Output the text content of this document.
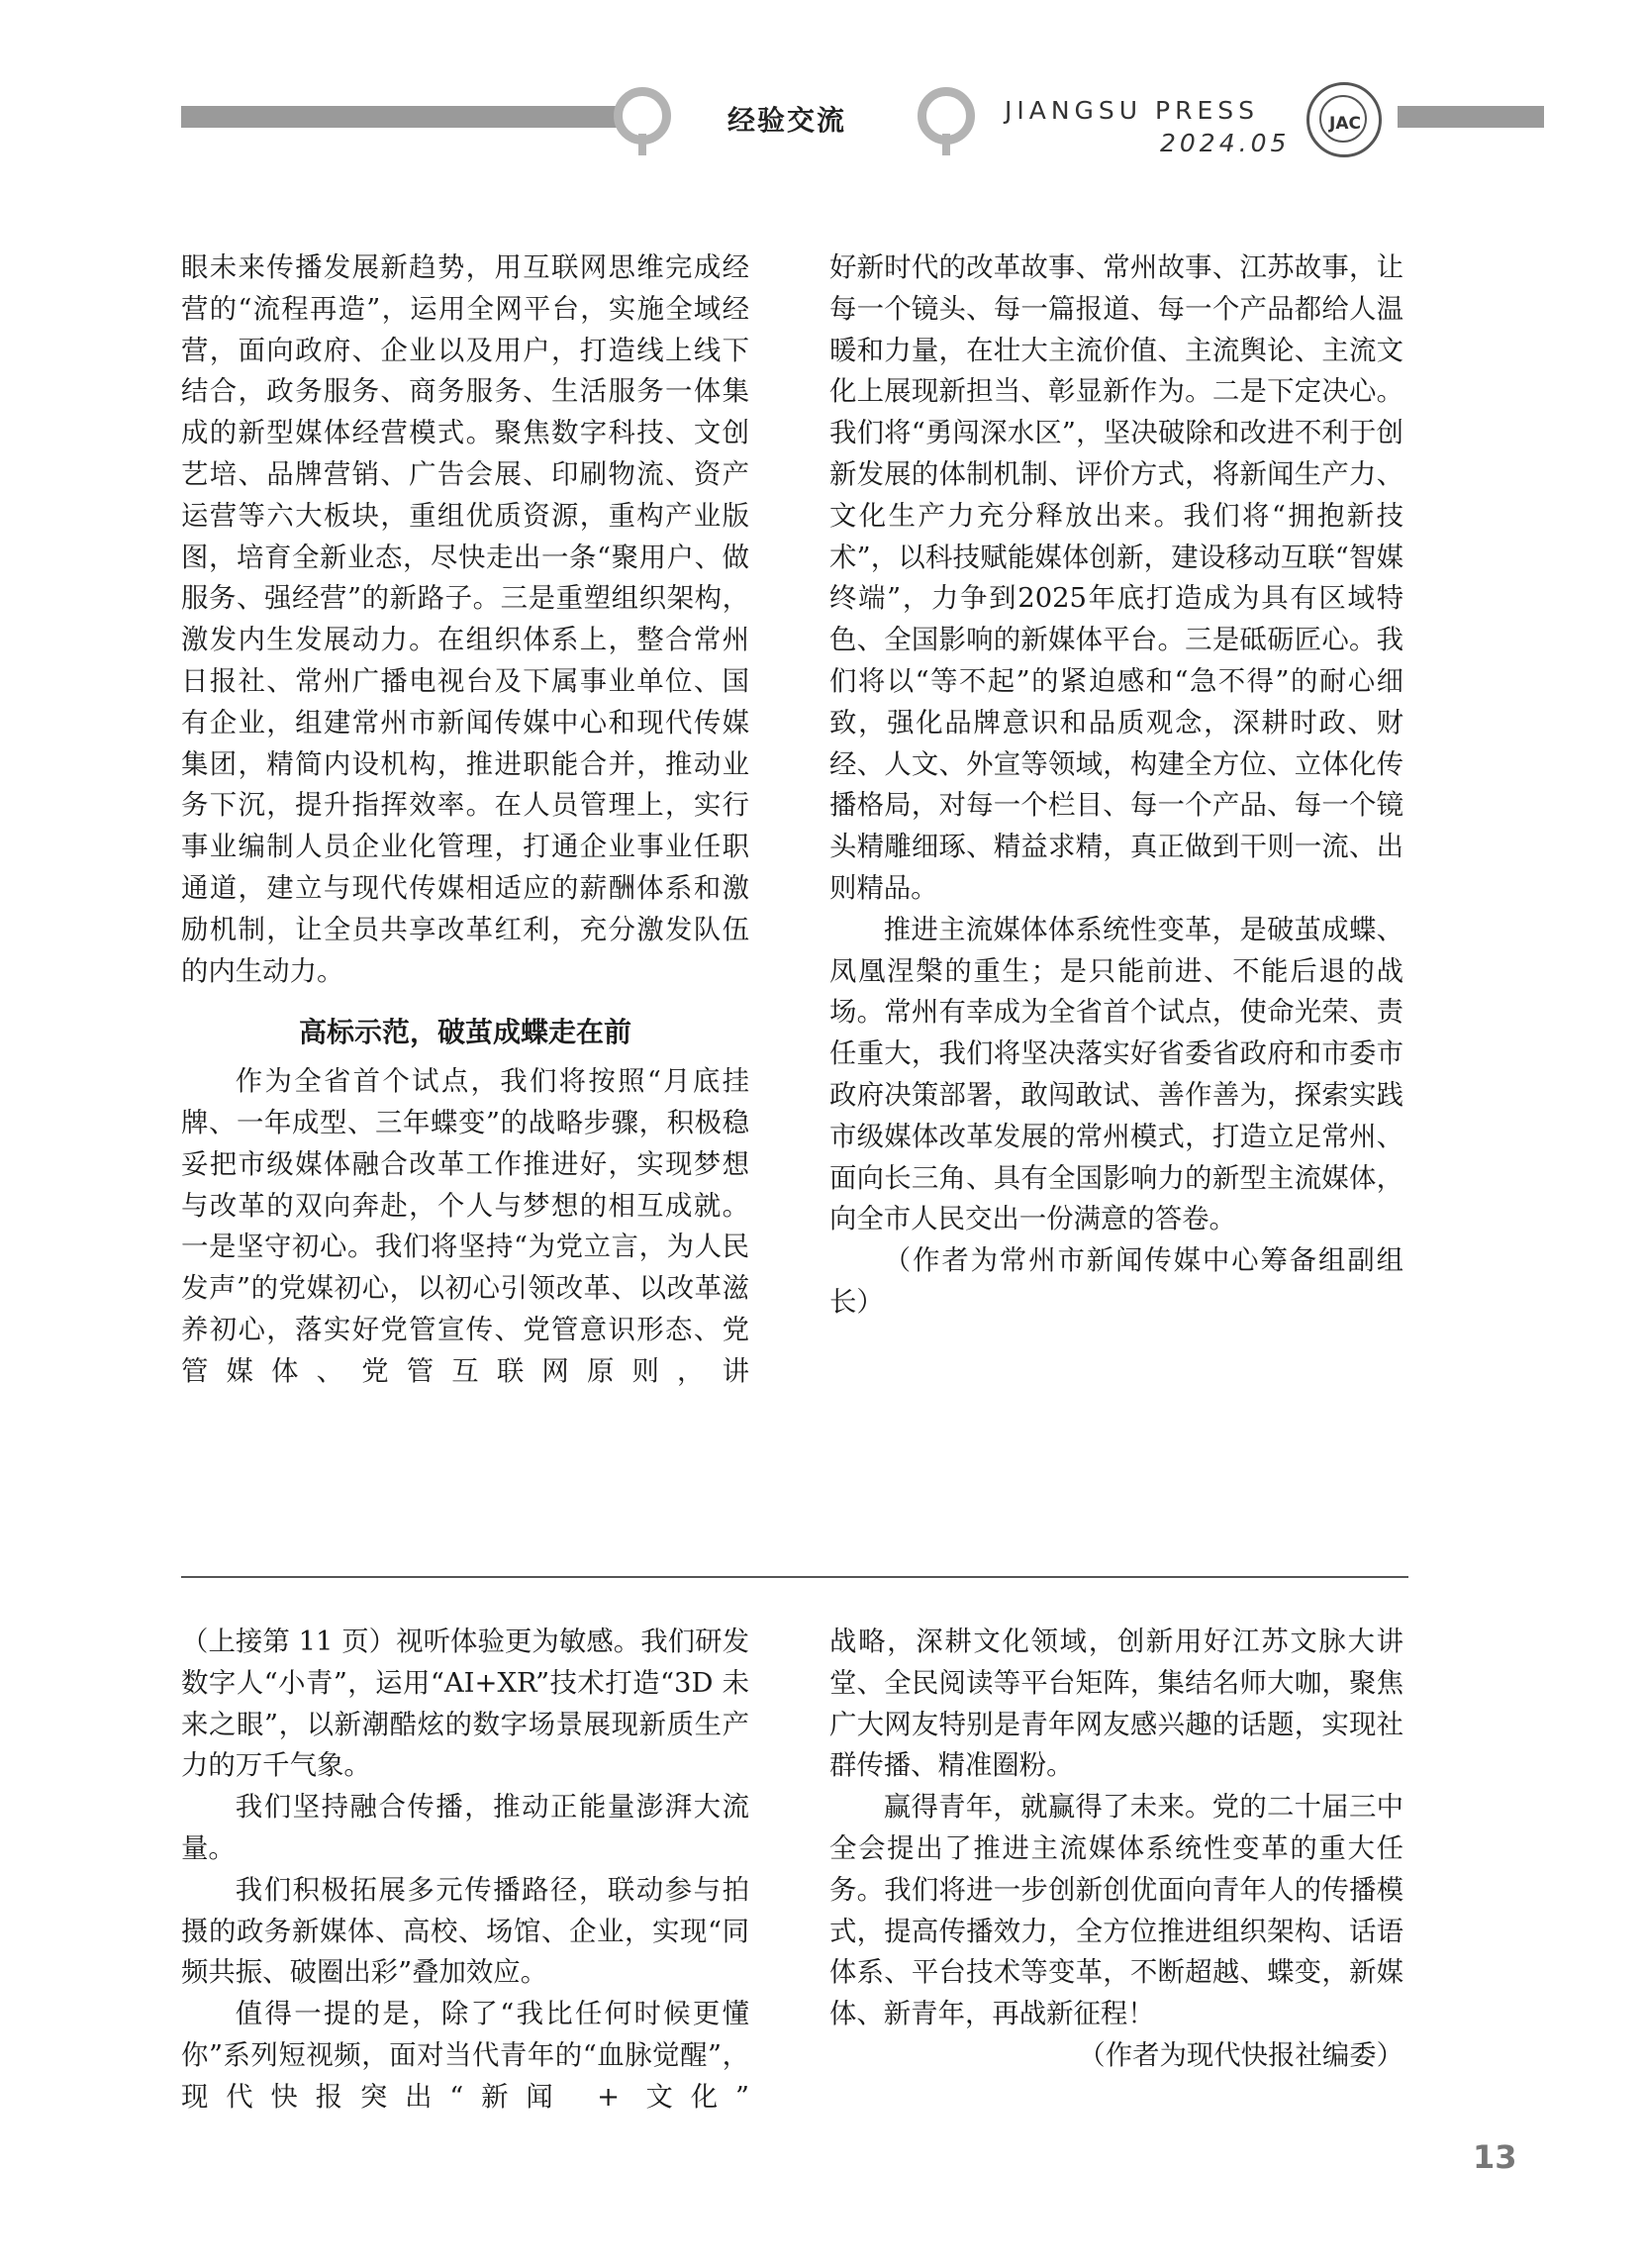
经验交流	JIANGSU PRESS
2024.05
JAC

眼未来传播发展新趋势，用互联网思维完成经营的“流程再造”，运用全网平台，实施全域经营，面向政府、企业以及用户，打造线上线下结合，政务服务、商务服务、生活服务一体集成的新型媒体经营模式。聚焦数字科技、文创艺培、品牌营销、广告会展、印刷物流、资产运营等六大板块，重组优质资源，重构产业版图，培育全新业态，尽快走出一条“聚用户、做服务、强经营”的新路子。三是重塑组织架构，激发内生发展动力。在组织体系上，整合常州日报社、常州广播电视台及下属事业单位、国有企业，组建常州市新闻传媒中心和现代传媒集团，精简内设机构，推进职能合并，推动业务下沉，提升指挥效率。在人员管理上，实行事业编制人员企业化管理，打通企业事业任职通道，建立与现代传媒相适应的薪酬体系和激励机制，让全员共享改革红利，充分激发队伍的内生动力。

高标示范，破茧成蝶走在前

作为全省首个试点，我们将按照“月底挂牌、一年成型、三年蝶变”的战略步骤，积极稳妥把市级媒体融合改革工作推进好，实现梦想与改革的双向奔赴，个人与梦想的相互成就。一是坚守初心。我们将坚持“为党立言，为人民发声”的党媒初心，以初心引领改革、以改革滋养初心，落实好党管宣传、党管意识形态、党管媒体、党管互联网原则，讲

好新时代的改革故事、常州故事、江苏故事，让每一个镜头、每一篇报道、每一个产品都给人温暖和力量，在壮大主流价值、主流舆论、主流文化上展现新担当、彰显新作为。二是下定决心。我们将“勇闯深水区”，坚决破除和改进不利于创新发展的体制机制、评价方式，将新闻生产力、文化生产力充分释放出来。我们将“拥抱新技术”，以科技赋能媒体创新，建设移动互联“智媒终端”，力争到2025年底打造成为具有区域特色、全国影响的新媒体平台。三是砥砺匠心。我们将以“等不起”的紧迫感和“急不得”的耐心细致，强化品牌意识和品质观念，深耕时政、财经、人文、外宣等领域，构建全方位、立体化传播格局，对每一个栏目、每一个产品、每一个镜头精雕细琢、精益求精，真正做到干则一流、出则精品。

推进主流媒体体系统性变革，是破茧成蝶、凤凰涅槃的重生；是只能前进、不能后退的战场。常州有幸成为全省首个试点，使命光荣、责任重大，我们将坚决落实好省委省政府和市委市政府决策部署，敢闯敢试、善作善为，探索实践市级媒体改革发展的常州模式，打造立足常州、面向长三角、具有全国影响力的新型主流媒体，向全市人民交出一份满意的答卷。

（作者为常州市新闻传媒中心筹备组副组长）

（上接第 11 页）视听体验更为敏感。我们研发数字人“小青”，运用“AI+XR”技术打造“3D 未来之眼”，以新潮酷炫的数字场景展现新质生产力的万千气象。

我们坚持融合传播，推动正能量澎湃大流量。

我们积极拓展多元传播路径，联动参与拍摄的政务新媒体、高校、场馆、企业，实现“同频共振、破圈出彩”叠加效应。

值得一提的是，除了“我比任何时候更懂你”系列短视频，面对当代青年的“血脉觉醒”，现代快报突出“新闻 + 文化”

战略，深耕文化领域，创新用好江苏文脉大讲堂、全民阅读等平台矩阵，集结名师大咖，聚焦广大网友特别是青年网友感兴趣的话题，实现社群传播、精准圈粉。

赢得青年，就赢得了未来。党的二十届三中全会提出了推进主流媒体系统性变革的重大任务。我们将进一步创新创优面向青年人的传播模式，提高传播效力，全方位推进组织架构、话语体系、平台技术等变革，不断超越、蝶变，新媒体、新青年，再战新征程！

（作者为现代快报社编委）

13
